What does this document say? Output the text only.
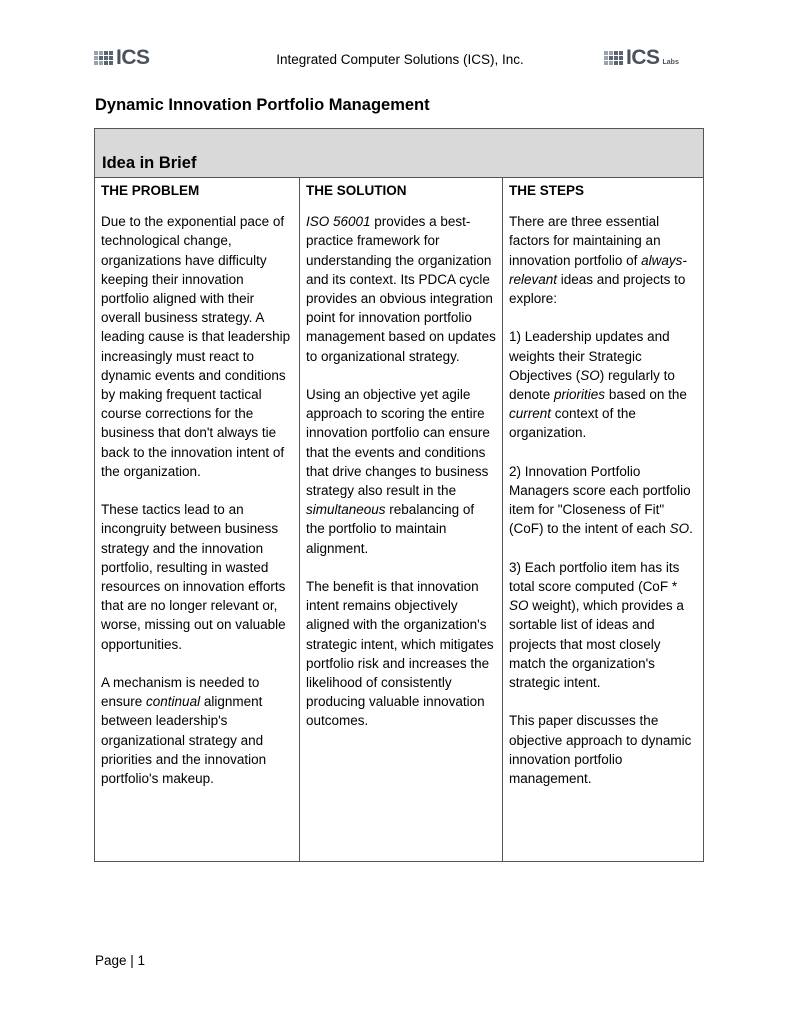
ICS	Integrated Computer Solutions (ICS), Inc.	ICS Labs
Dynamic Innovation Portfolio Management
Idea in Brief
THE PROBLEM

Due to the exponential pace of technological change, organizations have difficulty keeping their innovation portfolio aligned with their overall business strategy. A leading cause is that leadership increasingly must react to dynamic events and conditions by making frequent tactical course corrections for the business that don't always tie back to the innovation intent of the organization.

These tactics lead to an incongruity between business strategy and the innovation portfolio, resulting in wasted resources on innovation efforts that are no longer relevant or, worse, missing out on valuable opportunities.

A mechanism is needed to ensure continual alignment between leadership's organizational strategy and priorities and the innovation portfolio's makeup.

THE SOLUTION

ISO 56001 provides a best-practice framework for understanding the organization and its context. Its PDCA cycle provides an obvious integration point for innovation portfolio management based on updates to organizational strategy.

Using an objective yet agile approach to scoring the entire innovation portfolio can ensure that the events and conditions that drive changes to business strategy also result in the simultaneous rebalancing of the portfolio to maintain alignment.

The benefit is that innovation intent remains objectively aligned with the organization's strategic intent, which mitigates portfolio risk and increases the likelihood of consistently producing valuable innovation outcomes.

THE STEPS

There are three essential factors for maintaining an innovation portfolio of always-relevant ideas and projects to explore:

1) Leadership updates and weights their Strategic Objectives (SO) regularly to denote priorities based on the current context of the organization.

2) Innovation Portfolio Managers score each portfolio item for "Closeness of Fit" (CoF) to the intent of each SO.

3) Each portfolio item has its total score computed (CoF * SO weight), which provides a sortable list of ideas and projects that most closely match the organization's strategic intent.

This paper discusses the objective approach to dynamic innovation portfolio management.

Page | 1
